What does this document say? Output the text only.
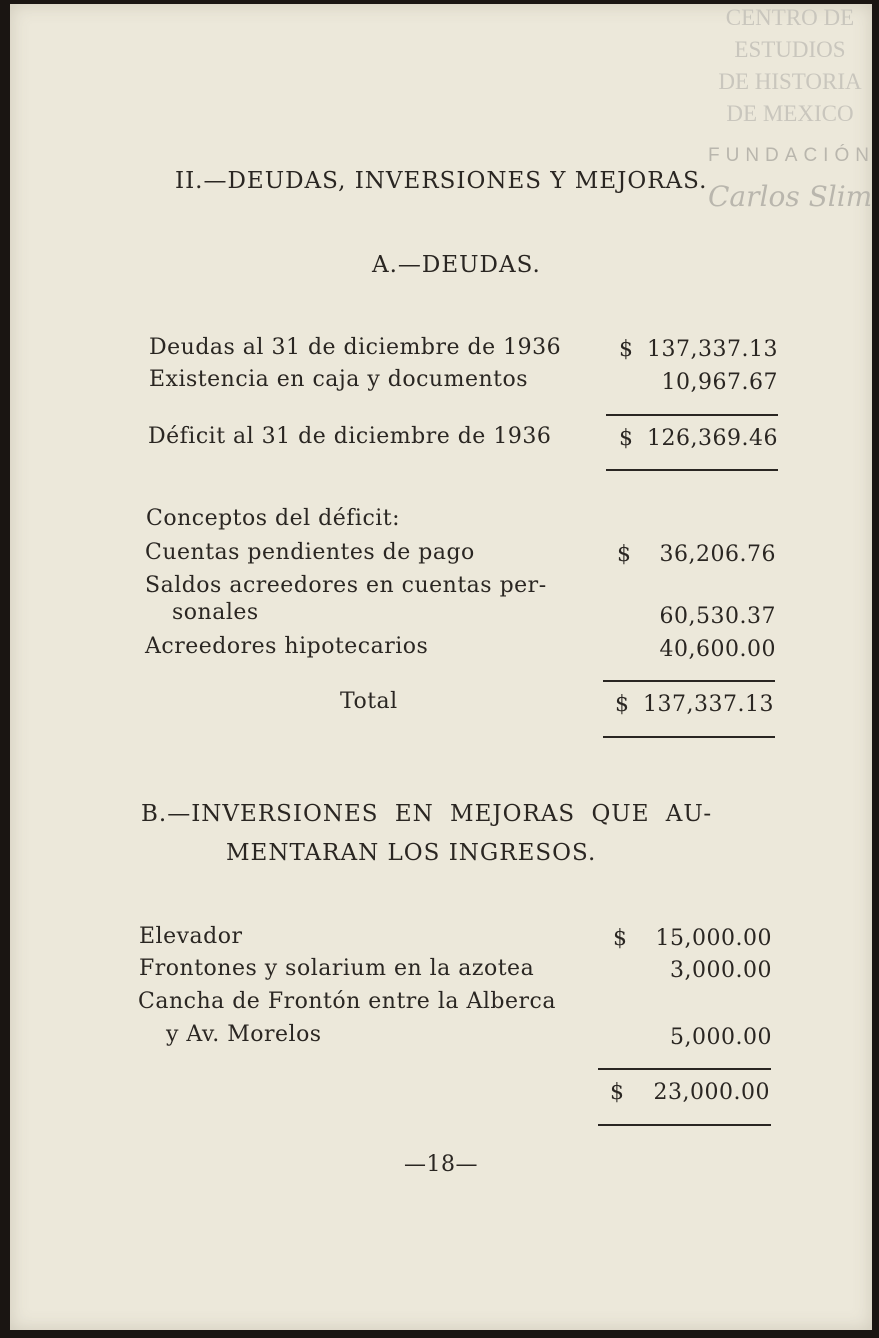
CENTRO DE
ESTUDIOS
DE HISTORIA
DE MEXICO
FUNDACIÓN
Carlos Slim
II.—DEUDAS, INVERSIONES Y MEJORAS.
A.—DEUDAS.
Deudas al 31 de diciembre de 1936	$ 137,337.13
Existencia en caja y documentos	10,967.67
Déficit al 31 de diciembre de 1936	$ 126,369.46
Conceptos del déficit:
Cuentas pendientes de pago	$	36,206.76
Saldos acreedores en cuentas per-
sonales	60,530.37
Acreedores hipotecarios	40,600.00
Total	$ 137,337.13
B.—INVERSIONES EN MEJORAS QUE AU-
MENTARAN LOS INGRESOS.
Elevador	$	15,000.00
Frontones y solarium en la azotea	3,000.00
Cancha de Frontón entre la Alberca
y Av. Morelos	5,000.00
$	23,000.00
—18—
